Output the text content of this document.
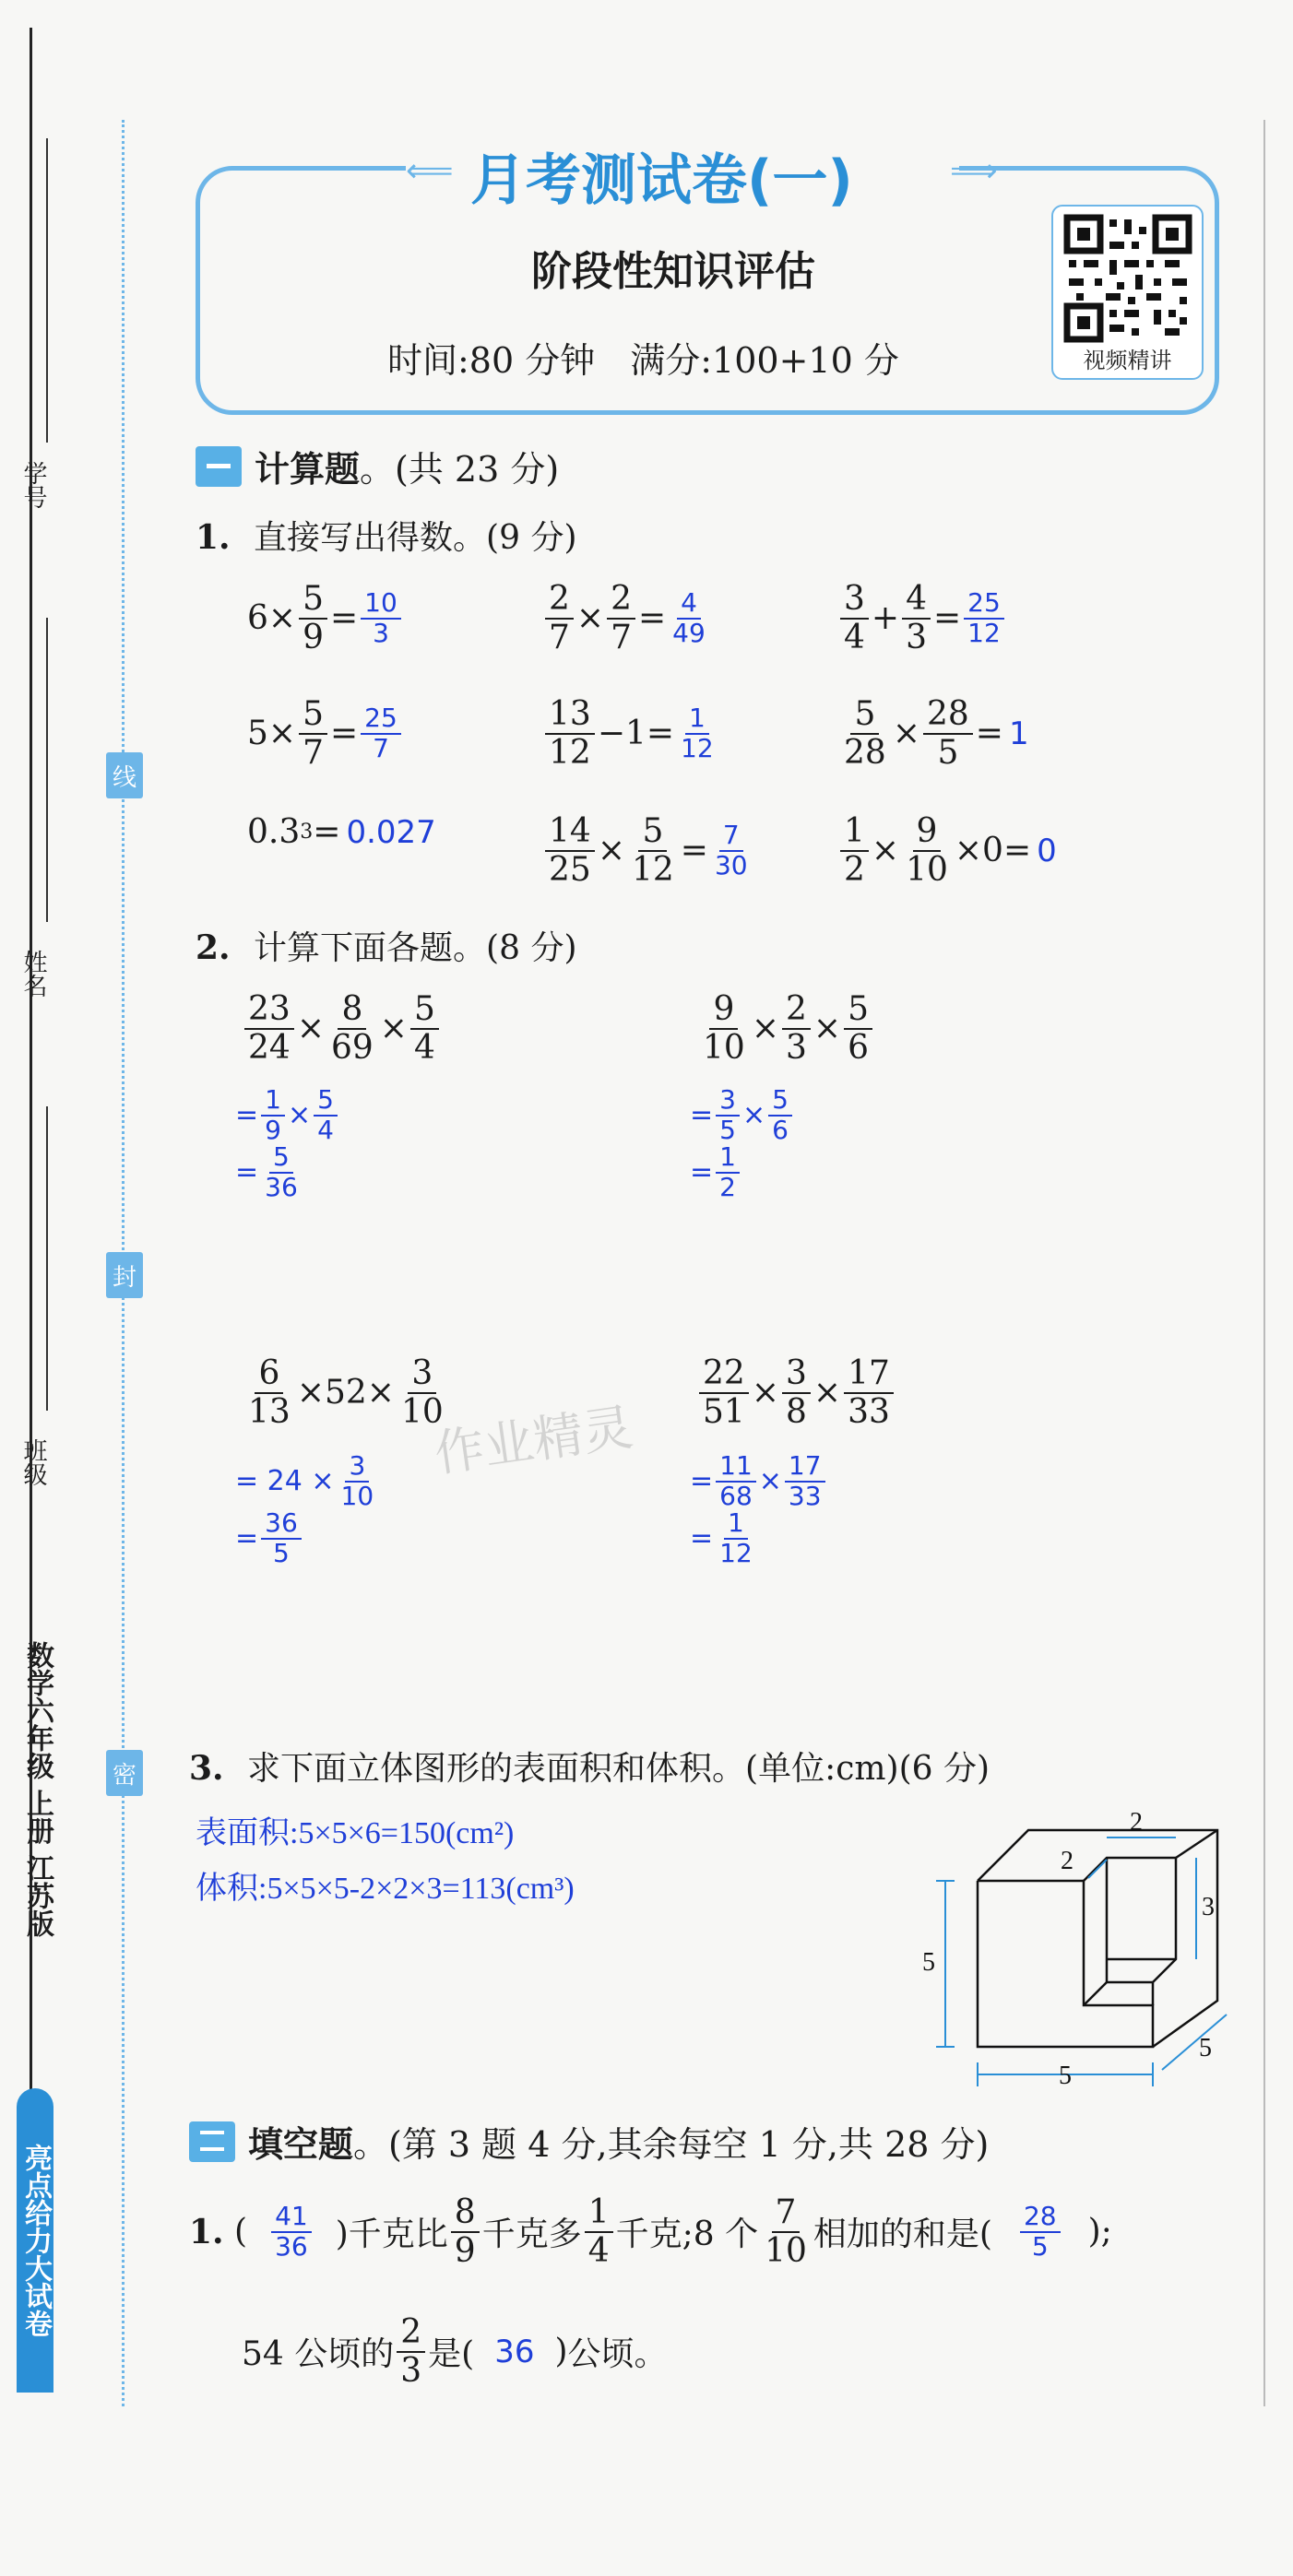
学号
姓名
班级
线
封
密
数学六年级 上册 江苏版
亮点给力大试卷
⟸	⟹
月考测试卷(一)
阶段性知识评估
时间:80 分钟　满分:100+10 分	视频精讲
计算题 。(共 23 分)
1. 直接写出得数。(9 分)
$6\times \frac{5}{9} = \frac{10}{3}$	$\frac{2}{7} \times \frac{2}{7} = \frac{4}{49}$	$\frac{3}{4} + \frac{4}{3} = \frac{25}{12}$
$5\times \frac{5}{7} = \frac{25}{7}$	$\frac{13}{12} -1= \frac{1}{12}$	$\frac{5}{28} \times \frac{28}{5} = 1$
0.3 3 = 0.027	$\frac{14}{25} \times \frac{5}{12} = \frac{7}{30}$	$\frac{1}{2} \times \frac{9}{10} \times 0= 0$
2. 计算下面各题。(8 分)
$\frac{23}{24} \times \frac{8}{69} \times \frac{5}{4}$
= $\frac{1}{9} \times \frac{5}{4}$
= $\frac{5}{36}$
$\frac{9}{10} \times \frac{2}{3} \times \frac{5}{6}$
= $\frac{3}{5} \times \frac{5}{6}$
= $\frac{1}{2}$
$\frac{6}{13} \times 52\times \frac{3}{10}$
= $24 \times \frac{3}{10}$
= $\frac{36}{5}$
$\frac{22}{51} \times \frac{3}{8} \times \frac{17}{33}$
= $\frac{11}{68} \times \frac{17}{33}$
= $\frac{1}{12}$
作业精灵
3. 求下面立体图形的表面积和体积。(单位:cm)(6 分)
表面积:5×5×6=150(cm²)
体积:5×5×5-2×2×3=113(cm³)
2
2
3
5
5
5
填空题 。(第 3 题 4 分,其余每空 1 分,共 28 分)
1. ( $\frac{41}{36}$ )千克比 $\frac{8}{9}$ 千克多 $\frac{1}{4}$ 千克;8 个 $\frac{7}{10}$ 相加的和是( $\frac{28}{5}$ );
54 公顷的 $\frac{2}{3}$ 是( 36 ) 公顷。
